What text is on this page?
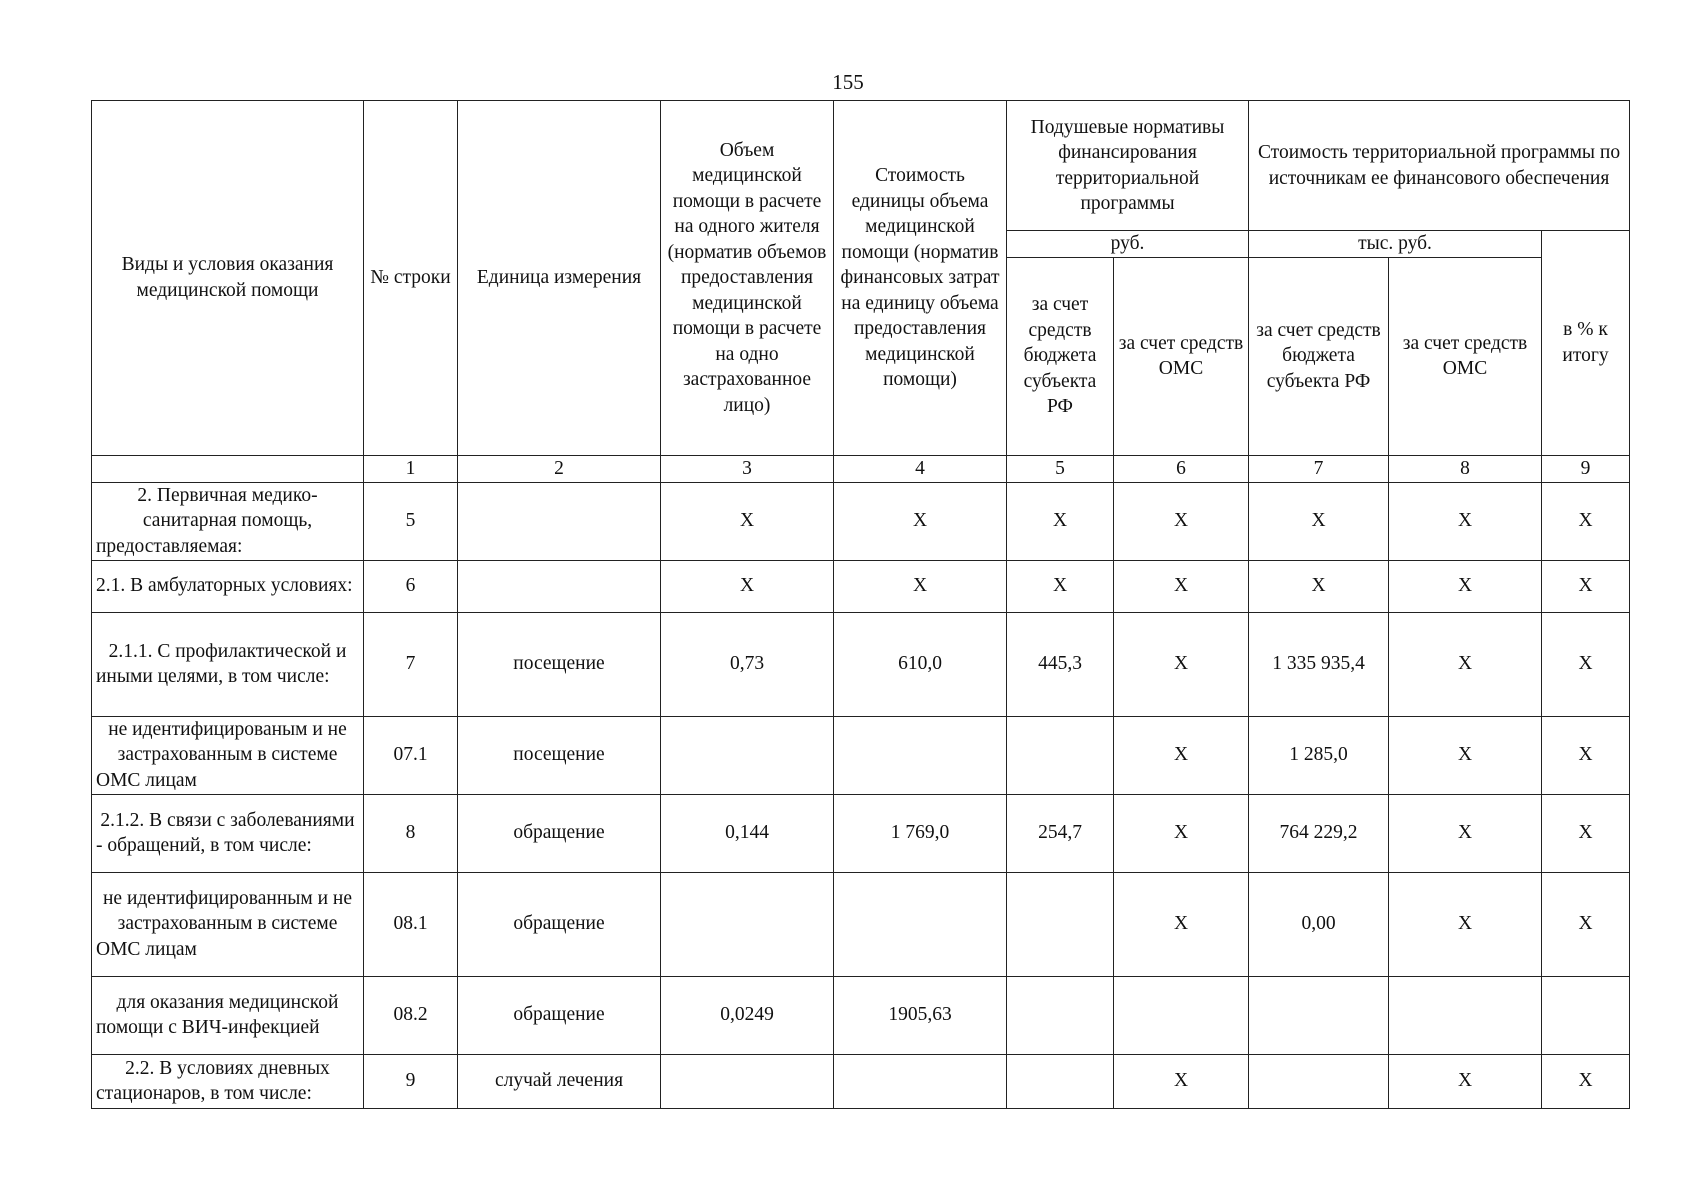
155
Виды и условия оказания медицинской помощи	№ строки	Единица измерения	Объем медицинской помощи в расчете на одного жителя (норматив объемов предоставления медицинской помощи в расчете на одно застрахованное лицо)	Стоимость единицы объема медицинской помощи (норматив финансовых затрат на единицу объема предоставления медицинской помощи)	Подушевые нормативы финансирования территориальной программы		Стоимость территориальной программы по источникам ее финансового обеспечения		
					руб.		тыс. руб.		в % к итогу
					за счет средств бюджета субъекта РФ	за счет средств ОМС	за счет средств бюджета субъекта РФ	за счет средств ОМС	
	1	2	3	4	5	6	7	8	9
2. Первичная медико-санитарная помощь, предоставляемая:	5		X	X	X	X	X	X	X
2.1. В амбулаторных условиях:	6		X	X	X	X	X	X	X
2.1.1. С профилактической и иными целями, в том числе:	7	посещение	0,73	610,0	445,3	X	1 335 935,4	X	X
не идентифицированым и не застрахованным в системе ОМС лицам	07.1	посещение				X	1 285,0	X	X
2.1.2. В связи с заболеваниями - обращений, в том числе:	8	обращение	0,144	1 769,0	254,7	X	764 229,2	X	X
не идентифицированным и не застрахованным в системе ОМС лицам	08.1	обращение				X	0,00	X	X
для оказания медицинской помощи с ВИЧ-инфекцией	08.2	обращение	0,0249	1905,63					
2.2. В условиях дневных стационаров, в том числе:	9	случай лечения				X		X	X
